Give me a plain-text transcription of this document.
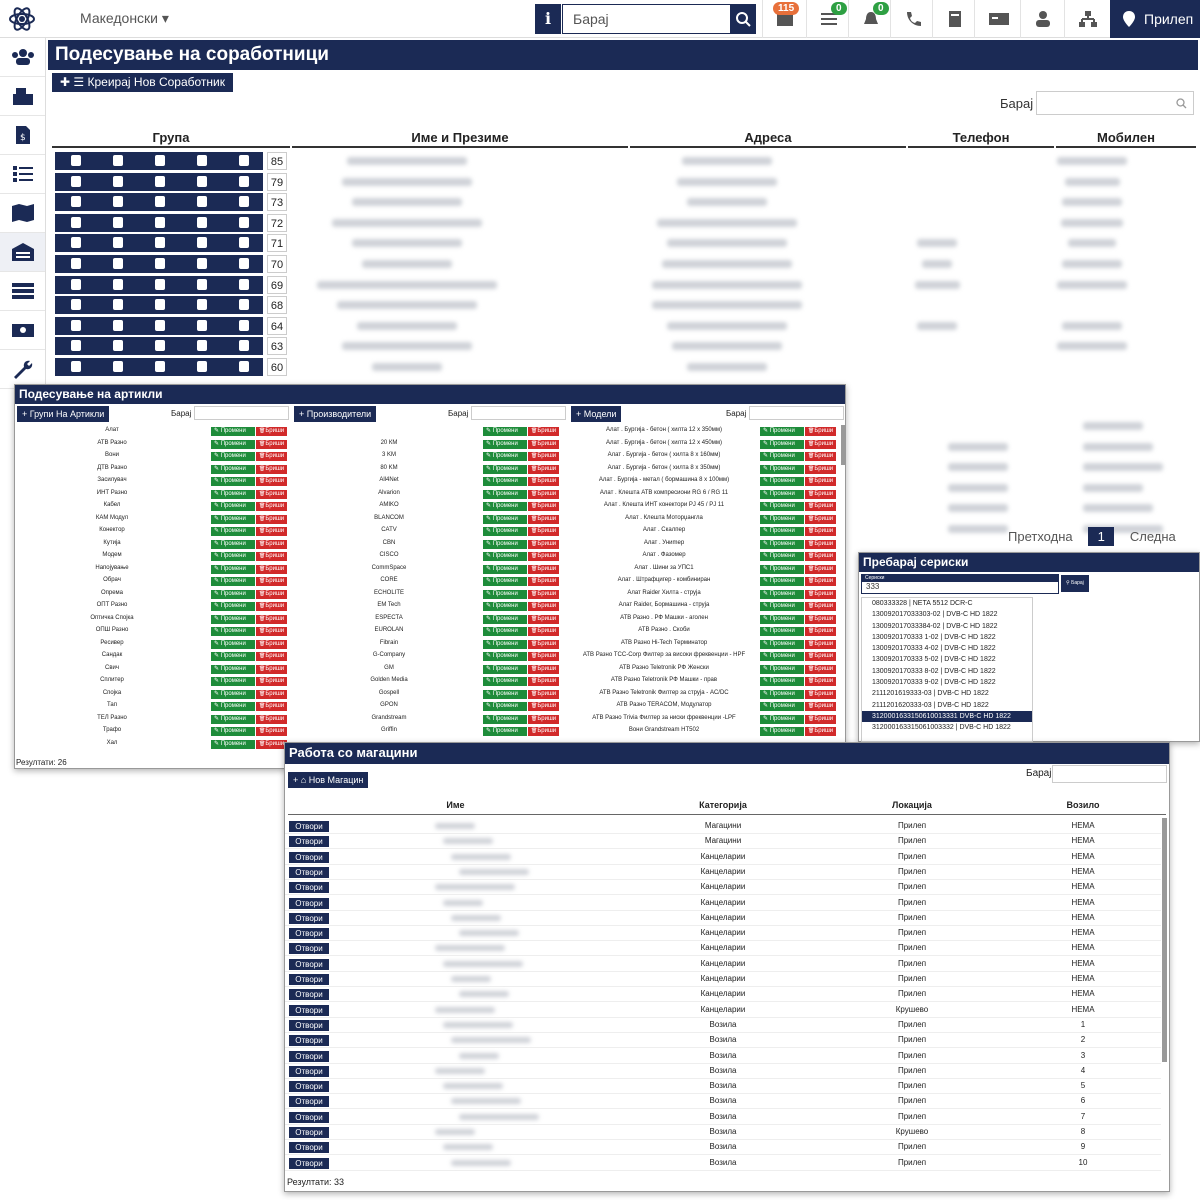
Македонски ▾	i	Барај
115	0	0
Прилеп
$
Подесување на соработници
✚ ☰ Креирај Нов Соработник
Барај
Група	Име и Презиме	Адреса	Телефон	Мобилен
85
79
73
72
71
70
69
68
64
63
60
Претходна 1 Следна
Подесување на артикли
+ Групи На Артикли	Барај	+ Производители	Барај	+ Модели	Барај
Алат	✎ Промени	🗑Бриши
АТВ Разно	✎ Промени	🗑Бриши
Вони	✎ Промени	🗑Бриши
ДТВ Разно	✎ Промени	🗑Бриши
Засилувач	✎ Промени	🗑Бриши
ИНТ Разно	✎ Промени	🗑Бриши
Кабел	✎ Промени	🗑Бриши
КАМ Модул	✎ Промени	🗑Бриши
Конектор	✎ Промени	🗑Бриши
Кутија	✎ Промени	🗑Бриши
Модем	✎ Промени	🗑Бриши
Напојување	✎ Промени	🗑Бриши
Обрач	✎ Промени	🗑Бриши
Опрема	✎ Промени	🗑Бриши
ОПТ Разно	✎ Промени	🗑Бриши
Оптичка Спојка	✎ Промени	🗑Бриши
ОПШ Разно	✎ Промени	🗑Бриши
Ресивер	✎ Промени	🗑Бриши
Сандак	✎ Промени	🗑Бриши
Свич	✎ Промени	🗑Бриши
Сплитер	✎ Промени	🗑Бриши
Спојка	✎ Промени	🗑Бриши
Тап	✎ Промени	🗑Бриши
ТЕЛ Разно	✎ Промени	🗑Бриши
Трафо	✎ Промени	🗑Бриши
Хал	✎ Промени	🗑Бриши
✎ Промени	🗑Бриши
20 КМ	✎ Промени	🗑Бриши
3 KM	✎ Промени	🗑Бриши
80 KM	✎ Промени	🗑Бриши
All4Net	✎ Промени	🗑Бриши
Alvarion	✎ Промени	🗑Бриши
AMIKO	✎ Промени	🗑Бриши
BLANCOM	✎ Промени	🗑Бриши
CATV	✎ Промени	🗑Бриши
CBN	✎ Промени	🗑Бриши
CISCO	✎ Промени	🗑Бриши
CommSpace	✎ Промени	🗑Бриши
CORE	✎ Промени	🗑Бриши
ECHOLITE	✎ Промени	🗑Бриши
EM Tech	✎ Промени	🗑Бриши
ESPECTA	✎ Промени	🗑Бриши
EUROLAN	✎ Промени	🗑Бриши
Fibrain	✎ Промени	🗑Бриши
G-Company	✎ Промени	🗑Бриши
GM	✎ Промени	🗑Бриши
Golden Media	✎ Промени	🗑Бриши
Gospell	✎ Промени	🗑Бриши
GPON	✎ Промени	🗑Бриши
Grandstream	✎ Промени	🗑Бриши
Griffin	✎ Промени	🗑Бриши
Алат . Бургија - бетон ( хилта 12 x 350мм)	✎ Промени	🗑Бриши
Алат . Бургија - бетон ( хилта 12 x 450мм)	✎ Промени	🗑Бриши
Алат . Бургија - бетон ( хилта 8 x 160мм)	✎ Промени	🗑Бриши
Алат . Бургија - бетон ( хилта 8 x 350мм)	✎ Промени	🗑Бриши
Алат . Бургија - метал ( бормашина 8 x 100мм)	✎ Промени	🗑Бриши
Алат . Клешта АТВ компресиони RG 6 / RG 11	✎ Промени	🗑Бриши
Алат . Клешта ИНТ конектори PJ 45 / PJ 11	✎ Промени	🗑Бриши
Алат . Клешта Моторџангла	✎ Промени	🗑Бриши
Алат . Скалпер	✎ Промени	🗑Бриши
Алат . Униmер	✎ Промени	🗑Бриши
Алат . Фазомер	✎ Промени	🗑Бриши
Алат . Шини за УПС1	✎ Промени	🗑Бриши
Алат . Штрафцигер - комбиниран	✎ Промени	🗑Бриши
Алат Raider Хилта - струја	✎ Промени	🗑Бриши
Алат Raider, Бормашина - струја	✎ Промени	🗑Бриши
АТВ Разно . РФ Машки - аголен	✎ Промени	🗑Бриши
АТВ Разно . Скоби	✎ Промени	🗑Бриши
АТВ Разно Hi-Tech Терминатор	✎ Промени	🗑Бриши
АТВ Разно TCC-Corp Филтер за високи фреквенции - HPF	✎ Промени	🗑Бриши
АТВ Разно Teletronik РФ Женски	✎ Промени	🗑Бриши
АТВ Разно Teletronik РФ Машки - прав	✎ Промени	🗑Бриши
АТВ Разно Teletronik Филтер за струја - AC/DC	✎ Промени	🗑Бриши
АТВ Разно TERACOM, Модулатор	✎ Промени	🗑Бриши
АТВ Разно Trivia Филтер за ниски фреквенции -LPF	✎ Промени	🗑Бриши
Вони Grandstream HT502	✎ Промени	🗑Бриши
Резултати: 26
Пребарај сериски
Сериски
333	⚲ Барај
080333328 | NETA 5512 DCR-C
130092017033303-02 | DVB-C HD 1822
130092017033384-02 | DVB-C HD 1822
1300920170333 1-02 | DVB-C HD 1822
1300920170333 4-02 | DVB-C HD 1822
1300920170333 5-02 | DVB-C HD 1822
1300920170333 8-02 | DVB-C HD 1822
1300920170333 9-02 | DVB-C HD 1822
2111201619333-03 | DVB-C HD 1822
2111201620333-03 | DVB-C HD 1822
3120001633150610013331 DVB-C HD 1822
312000163315061003332 | DVB-C HD 1822
Работа со магацини
+ ⌂ Нов Магацин
Барај
Име	Категорија	Локација	Возило
Отвори	Магацини	Прилеп	НЕМА
Отвори	Магацини	Прилеп	НЕМА
Отвори	Канцеларии	Прилеп	НЕМА
Отвори	Канцеларии	Прилеп	НЕМА
Отвори	Канцеларии	Прилеп	НЕМА
Отвори	Канцеларии	Прилеп	НЕМА
Отвори	Канцеларии	Прилеп	НЕМА
Отвори	Канцеларии	Прилеп	НЕМА
Отвори	Канцеларии	Прилеп	НЕМА
Отвори	Канцеларии	Прилеп	НЕМА
Отвори	Канцеларии	Прилеп	НЕМА
Отвори	Канцеларии	Прилеп	НЕМА
Отвори	Канцеларии	Крушево	НЕМА
Отвори	Возила	Прилеп	1
Отвори	Возила	Прилеп	2
Отвори	Возила	Прилеп	3
Отвори	Возила	Прилеп	4
Отвори	Возила	Прилеп	5
Отвори	Возила	Прилеп	6
Отвори	Возила	Прилеп	7
Отвори	Возила	Крушево	8
Отвори	Возила	Прилеп	9
Отвори	Возила	Прилеп	10
Резултати: 33
